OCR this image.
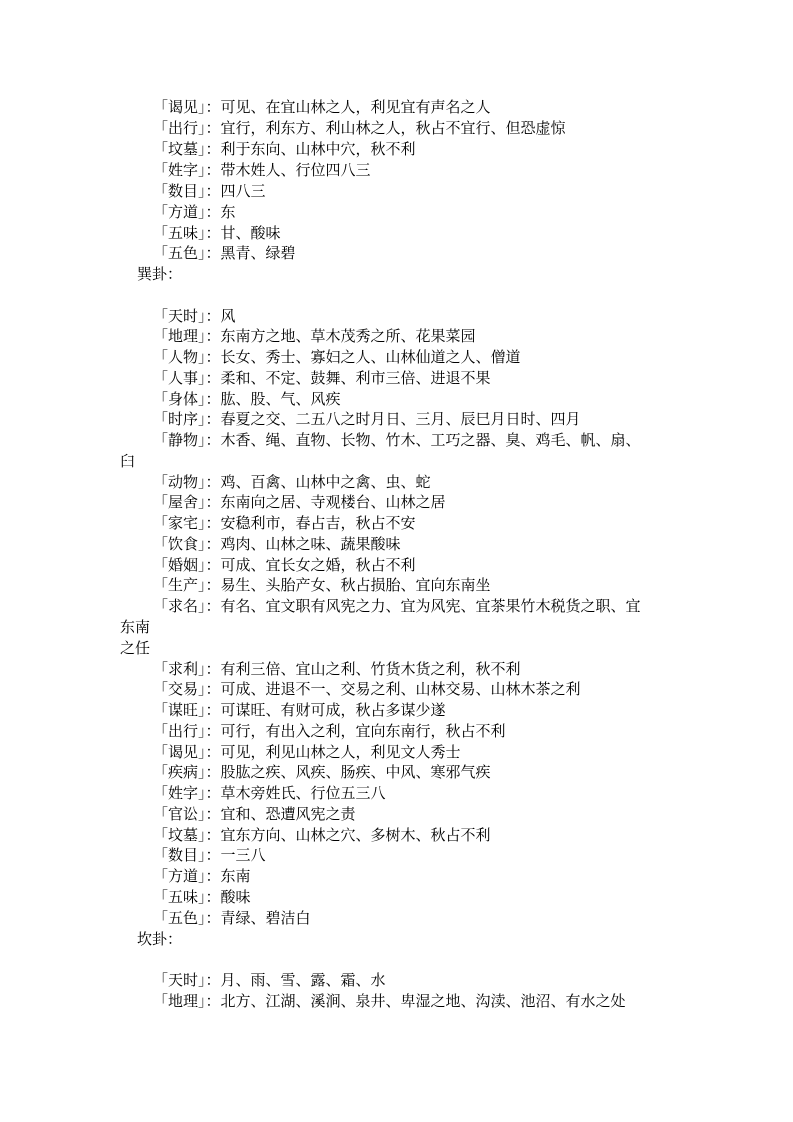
「谒见」：可见、在宜山林之人，利见宜有声名之人
「出行」：宜行，利东方、利山林之人，秋占不宜行、但恐虚惊
「坟墓」：利于东向、山林中穴，秋不利
「姓字」：带木姓人、行位四八三
「数目」：四八三
「方道」：东
「五味」：甘、酸味
「五色」：黑青、绿碧
巽卦：
「天时」：风
「地理」：东南方之地、草木茂秀之所、花果菜园
「人物」：长女、秀士、寡妇之人、山林仙道之人、僧道
「人事」：柔和、不定、鼓舞、利市三倍、进退不果
「身体」：肱、股、气、风疾
「时序」：春夏之交、二五八之时月日、三月、辰巳月日时、四月
「静物」：木香、绳、直物、长物、竹木、工巧之器、臭、鸡毛、帆、扇、
臼
「动物」：鸡、百禽、山林中之禽、虫、蛇
「屋舍」：东南向之居、寺观楼台、山林之居
「家宅」：安稳利市，春占吉，秋占不安
「饮食」：鸡肉、山林之味、蔬果酸味
「婚姻」：可成、宜长女之婚，秋占不利
「生产」：易生、头胎产女、秋占损胎、宜向东南坐
「求名」：有名、宜文职有风宪之力、宜为风宪、宜茶果竹木税货之职、宜
东南
之任
「求利」：有利三倍、宜山之利、竹货木货之利，秋不利
「交易」：可成、进退不一、交易之利、山林交易、山林木茶之利
「谋旺」：可谋旺、有财可成，秋占多谋少遂
「出行」：可行，有出入之利，宜向东南行，秋占不利
「谒见」：可见，利见山林之人，利见文人秀士
「疾病」：股肱之疾、风疾、肠疾、中风、寒邪气疾
「姓字」：草木旁姓氏、行位五三八
「官讼」：宜和、恐遭风宪之责
「坟墓」：宜东方向、山林之穴、多树木、秋占不利
「数目」：一三八
「方道」：东南
「五味」：酸味
「五色」：青绿、碧洁白
坎卦：
「天时」：月、雨、雪、露、霜、水
「地理」：北方、江湖、溪涧、泉井、卑湿之地、沟渎、池沼、有水之处
